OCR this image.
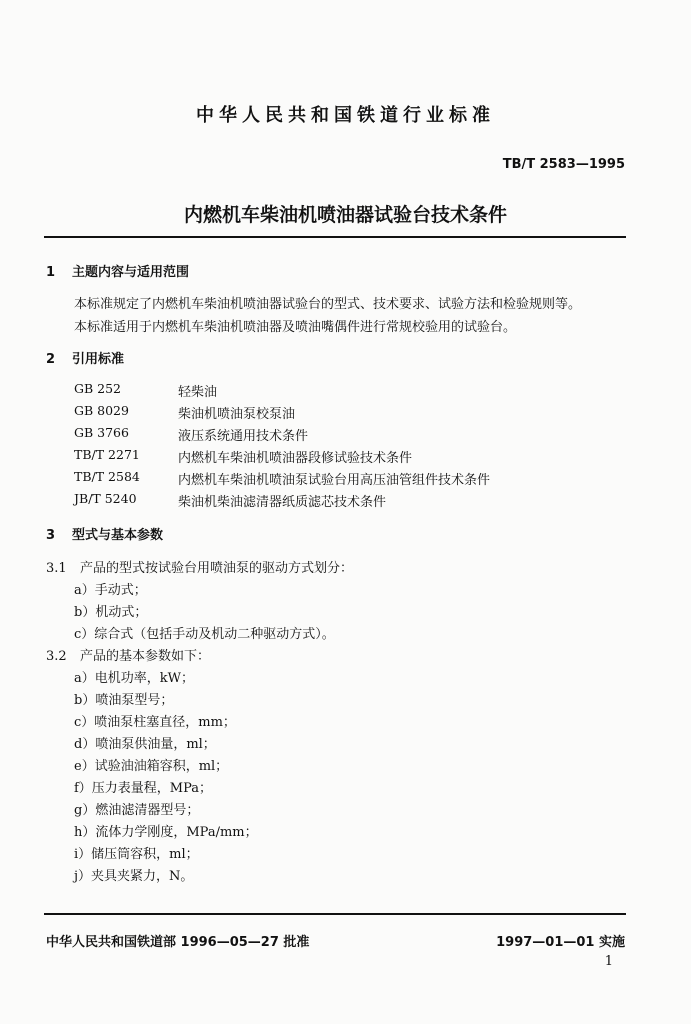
中华人民共和国铁道行业标准
TB/T 2583—1995
内燃机车柴油机喷油器试验台技术条件
1 主题内容与适用范围
本标准规定了内燃机车柴油机喷油器试验台的型式、技术要求、试验方法和检验规则等。
本标准适用于内燃机车柴油机喷油器及喷油嘴偶件进行常规校验用的试验台。
2 引用标准
GB 252	轻柴油
GB 8029	柴油机喷油泵校泵油
GB 3766	液压系统通用技术条件
TB/T 2271	内燃机车柴油机喷油器段修试验技术条件
TB/T 2584	内燃机车柴油机喷油泵试验台用高压油管组件技术条件
JB/T 5240	柴油机柴油滤清器纸质滤芯技术条件
3 型式与基本参数
3.1 产品的型式按试验台用喷油泵的驱动方式划分：
a）手动式；
b）机动式；
c）综合式（包括手动及机动二种驱动方式）。
3.2 产品的基本参数如下：
a）电机功率，kW；
b）喷油泵型号；
c）喷油泵柱塞直径，mm；
d）喷油泵供油量，ml；
e）试验油油箱容积，ml；
f）压力表量程，MPa；
g）燃油滤清器型号；
h）流体力学刚度，MPa/mm；
i）储压筒容积，ml；
j）夹具夹紧力，N。
中华人民共和国铁道部 1996—05—27 批准	1997—01—01 实施
1
